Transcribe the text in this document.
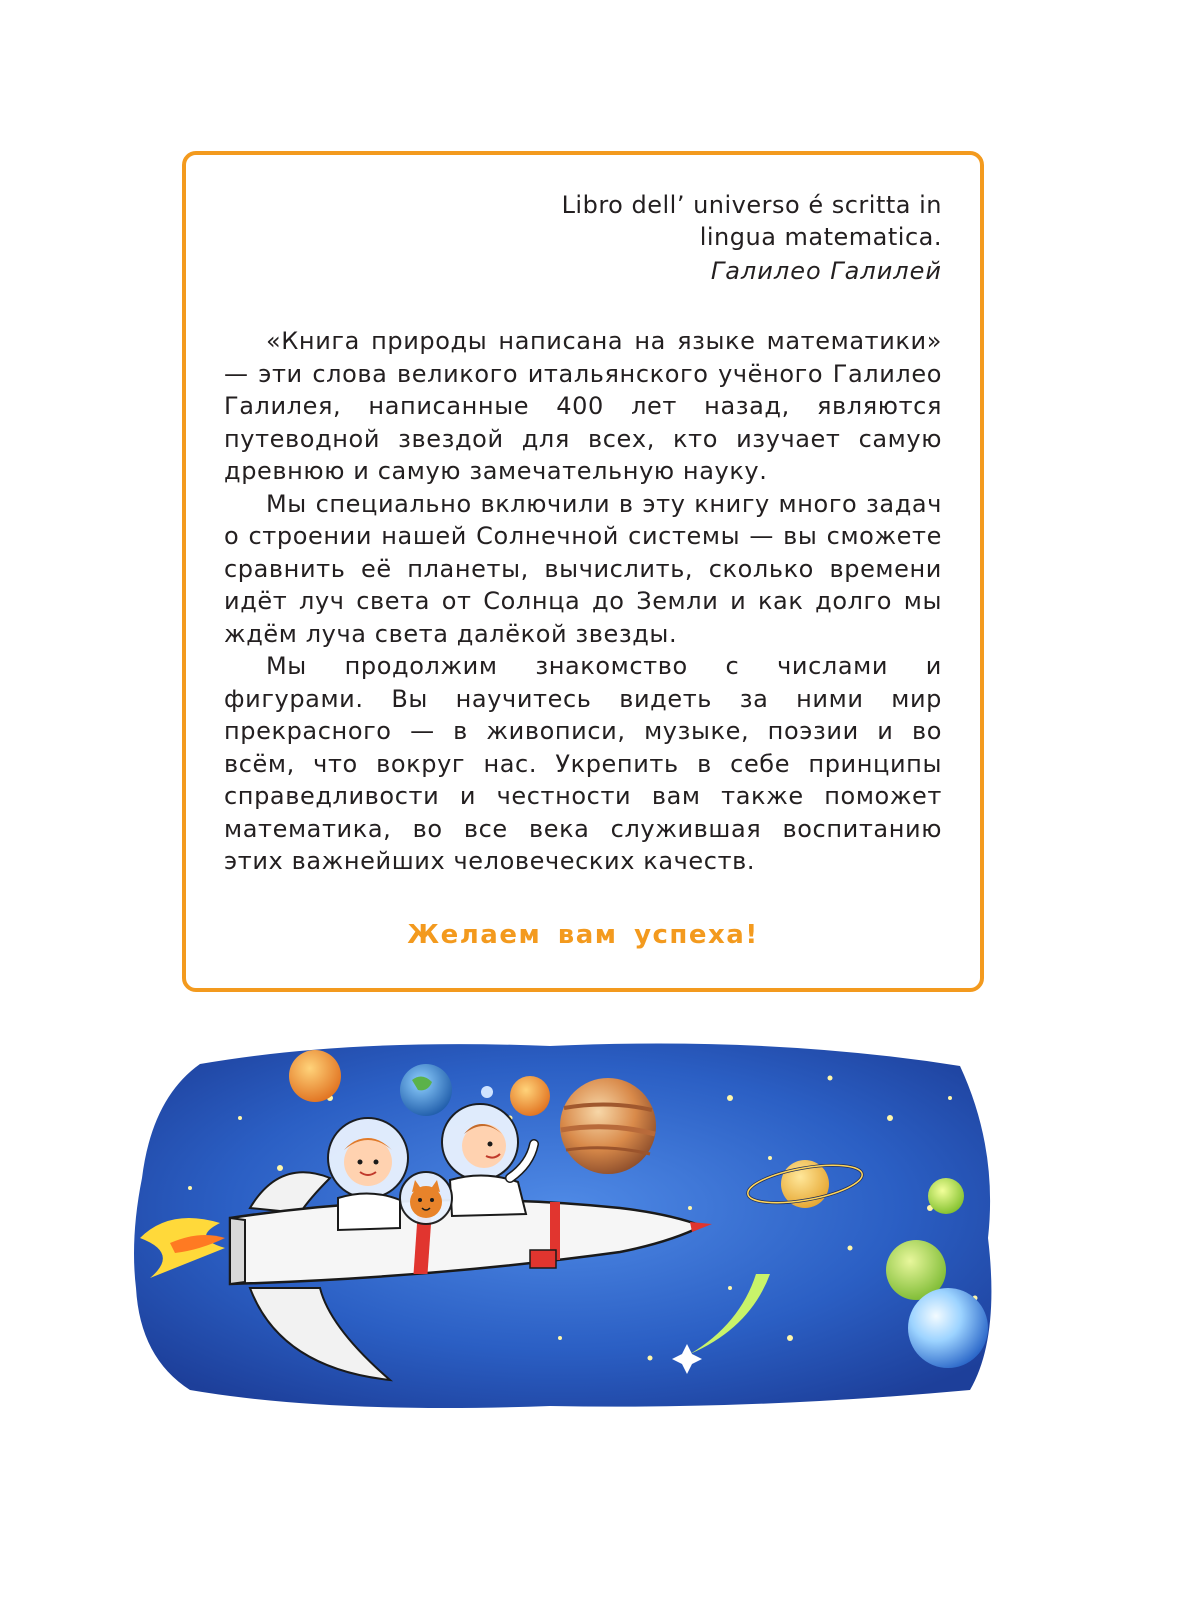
Libro dell’ universo é scritta in
lingua matematica.

Галилео Галилей

«Книга природы написана на языке математики» — эти слова великого итальянского учёного Галилео Галилея, написанные 400 лет назад, являются путеводной звездой для всех, кто изучает самую древнюю и самую замечательную науку.

Мы специально включили в эту книгу много задач о строении нашей Солнечной системы — вы сможете сравнить её планеты, вычислить, сколько времени идёт луч света от Солнца до Земли и как долго мы ждём луча света далёкой звезды.

Мы продолжим знакомство с числами и фигурами. Вы научитесь видеть за ними мир прекрасного — в живописи, музыке, поэзии и во всём, что вокруг нас. Укрепить в себе принципы справедливости и честности вам также поможет математика, во все века служившая воспитанию этих важнейших человеческих качеств.

Желаем вам успеха!
